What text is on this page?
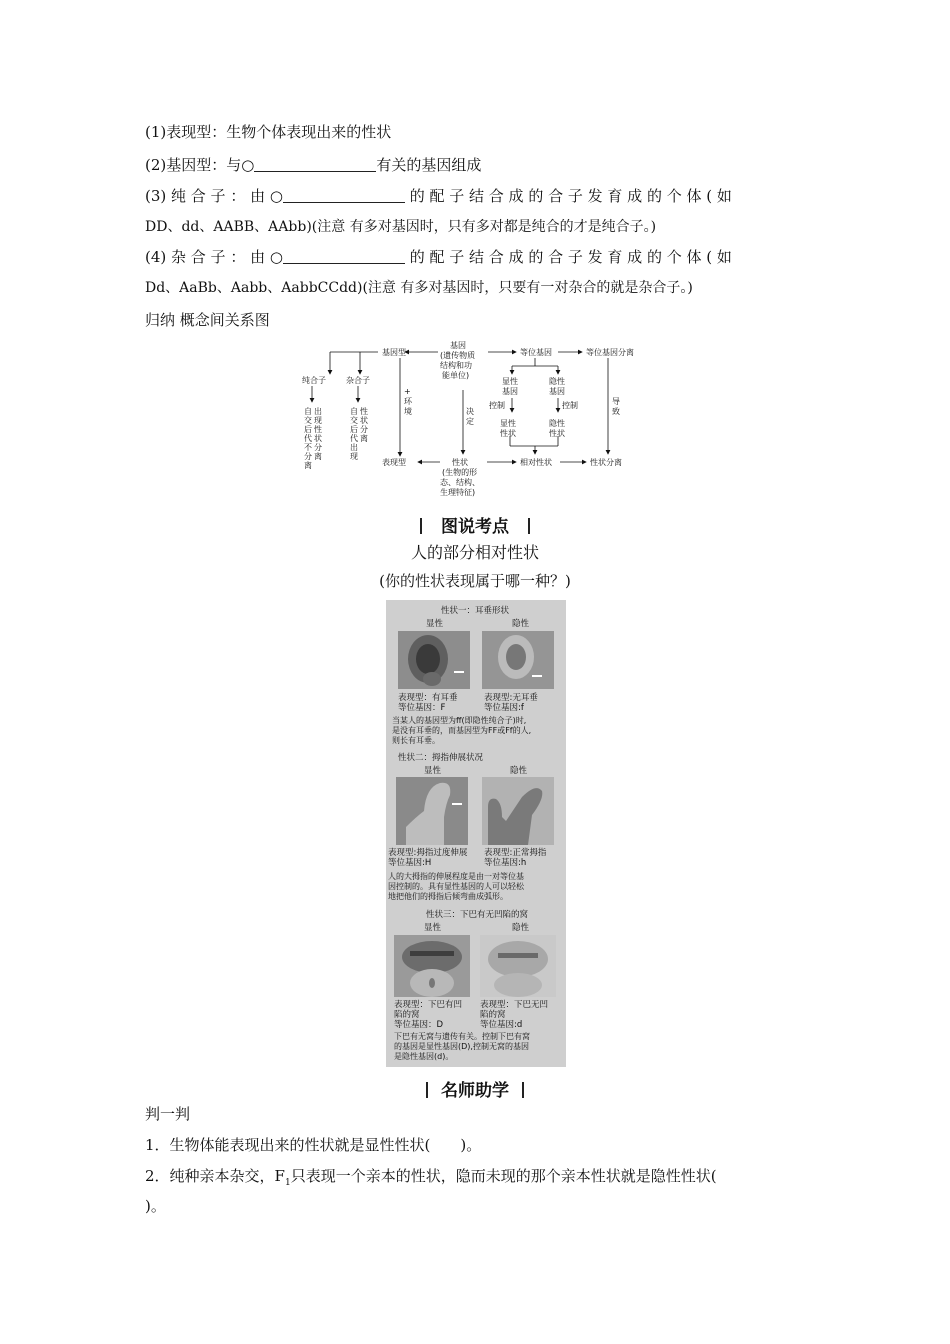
(1)表现型：生物个体表现出来的性状
(2)基因型：与○	有关的基因组成
(3) 纯 合 子 ： 由 ○	的 配 子 结 合 成 的 合 子 发 育 成 的 个 体 ( 如
DD、dd、AABB、AAbb)(注意 有多对基因时，只有多对都是纯合的才是纯合子。)
(4) 杂 合 子 ： 由 ○	的 配 子 结 合 成 的 合 子 发 育 成 的 个 体 ( 如
Dd、AaBb、Aabb、AabbCCdd)(注意 有多对基因时，只要有一对杂合的就是杂合子。)
归纳 概念间关系图
基因型
基因
(遗传物质
结构和功
能单位)
等位基因	等位基因分离
纯合子	杂合子
+
环
境
显性
基因
隐性
基因
控制	控制	导
致
决
定	显性
性状
隐性
性状
表现型	性状
(生物的形
态、结构、
生理特征)
相对性状	性状分离
自
交
后
代
不
分
离
出
现
性
状
分
离
自
交
后
代
出
现
性
状
分
离
图说考点
人的部分相对性状
(你的性状表现属于哪一种？)
性状一：耳垂形状
显性	隐性
表现型：有耳垂
等位基因：F
表现型:无耳垂
等位基因:f
当某人的基因型为ff(即隐性纯合子)时,
是没有耳垂的，而基因型为FF或Ff的人,
则长有耳垂。
性状二：拇指伸展状况
显性	隐性
表现型:拇指过度伸展
等位基因:H
表现型:正常拇指
等位基因:h
人的大拇指的伸展程度是由一对等位基
因控制的。具有显性基因的人可以轻松
地把他们的拇指后倾弯曲成弧形。
性状三：下巴有无凹陷的窝
显性	隐性
表现型：下巴有凹
陷的窝
等位基因：D
表现型：下巴无凹
陷的窝
等位基因:d
下巴有无窝与遗传有关。控制下巴有窝
的基因是显性基因(D),控制无窝的基因
是隐性基因(d)。
名师助学
判一判
1．生物体能表现出来的性状就是显性性状(　　)。
2．纯种亲本杂交，$F_1$只表现一个亲本的性状，隐而未现的那个亲本性状就是隐性性状(
)。
